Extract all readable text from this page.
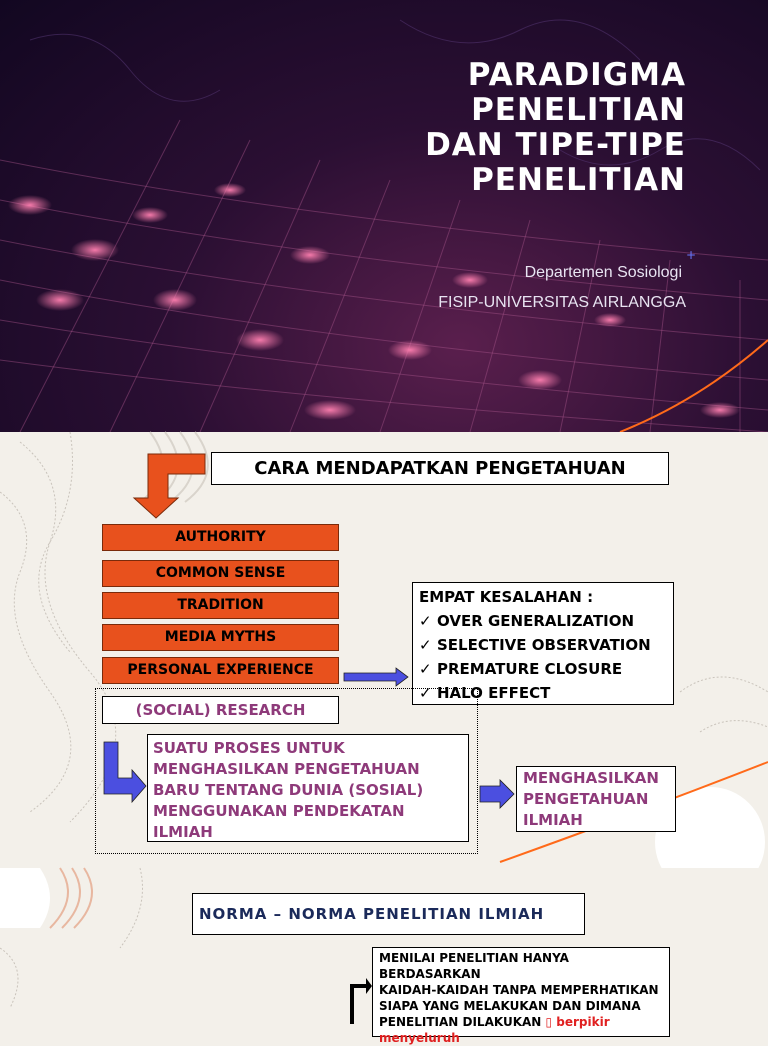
PARADIGMA
PENELITIAN
DAN TIPE-TIPE
PENELITIAN
+
Departemen Sosiologi
FISIP-UNIVERSITAS AIRLANGGA
CARA MENDAPATKAN PENGETAHUAN
AUTHORITY
COMMON SENSE
TRADITION
MEDIA MYTHS
PERSONAL EXPERIENCE
EMPAT KESALAHAN :
✓ OVER GENERALIZATION
✓ SELECTIVE OBSERVATION
✓ PREMATURE CLOSURE
✓ HALO EFFECT
(SOCIAL) RESEARCH
SUATU PROSES UNTUK
MENGHASILKAN PENGETAHUAN
BARU TENTANG DUNIA (SOSIAL)
MENGGUNAKAN PENDEKATAN
ILMIAH
MENGHASILKAN
PENGETAHUAN
ILMIAH
NORMA – NORMA PENELITIAN ILMIAH
MENILAI PENELITIAN HANYA BERDASARKAN
KAIDAH-KAIDAH TANPA MEMPERHATIKAN
SIAPA YANG MELAKUKAN DAN DIMANA
PENELITIAN DILAKUKAN ▯ berpikir
menyeluruh
